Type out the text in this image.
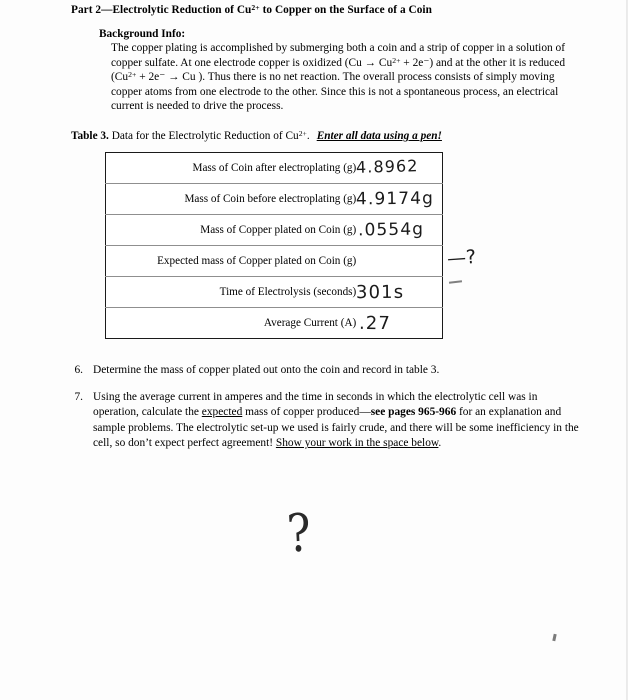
Part 2—Electrolytic Reduction of $Cu^{2+}$ to Copper on the Surface of a Coin
Background Info:
The copper plating is accomplished by submerging both a coin and a strip of copper in a solution of copper sulfate. At one electrode copper is oxidized $(Cu \to Cu^{2+} + 2e^-)$ and at the other it is reduced ($Cu^{2+} + 2e^- \to Cu$ ). Thus there is no net reaction. The overall process consists of simply moving copper atoms from one electrode to the other. Since this is not a spontaneous process, an electrical current is needed to drive the process.
Table 3. Data for the Electrolytic Reduction of $Cu^{2+}$. Enter all data using a pen!
Mass of Coin after electroplating (g)	4.8962
Mass of Coin before electroplating (g)	4.9174g
Mass of Copper plated on Coin (g)	.0554g
Expected mass of Copper plated on Coin (g)	
Time of Electrolysis (seconds)	301s
Average Current (A)	.27
—?
6. Determine the mass of copper plated out onto the coin and record in table 3.
7. Using the average current in amperes and the time in seconds in which the electrolytic cell was in operation, calculate the expected mass of copper produced—see pages 965-966 for an explanation and sample problems. The electrolytic set-up we used is fairly crude, and there will be some inefficiency in the cell, so don’t expect perfect agreement! Show your work in the space below.
?
